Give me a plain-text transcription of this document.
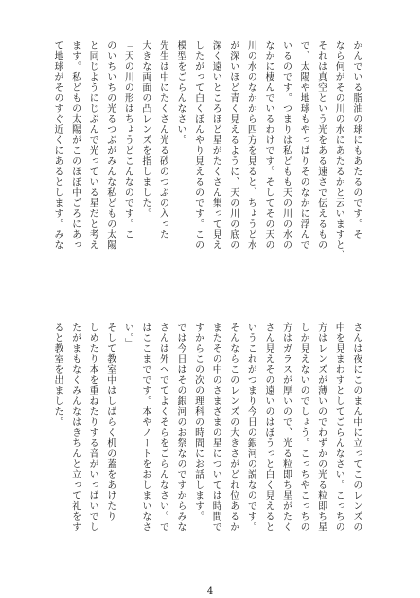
かんでいる脂油の球にもあたるのです。そ
なら何がその川の水にあたるかと云いますと、
それは真空という光をある速さで伝えるもの
で、太陽や地球もやっぱりそのなかに浮んで
いるのです。つまりは私どもも天の川の水の
なかに棲んでいるわけです。そしてその天の
川の水のなかから四方を見ると、ちょうど水
が深いほど青く見えるように、天の川の底の
深く遠いところほど星がたくさん集って見え
したがって白くぼんやり見えるのです。この
模型をごらんなさい。
先生は中にたくさん光る砂のつぶの入った
大きな両面の凸レンズを指しました。
「天の川の形はちょうどこんなのです。こ
のいちいちの光るつぶがみんな私どもの太陽
と同じようにじぶんで光っている星だと考え
ます。私どもの太陽がこのほぼ中ごろにあっ
て地球がそのすぐ近くにあるとします。みな
さんは夜にこのまん中に立ってこのレンズの
中を見まわすとしてごらんなさい。こっちの
方はレンズが薄いのでわずかの光る粒即ち星
しか見えないのでしょう。こっちやこっちの
方はガラスが厚いので、光る粒即ち星がたく
さん見えその遠いのはぼうっと白く見えると
いうこれがつまり今日の銀河の説なのです。
そんならこのレンズの大きさがどれ位あるか
またその中のさまざまの星については時間で
すからこの次の理科の時間にお話します。
では今日はその銀河のお祭なのですからみな
さんは外へでてよくそらをごらんなさい。で
はここまでです。本やノートをおしまいなさ
い。」
そして教室中はしばらく机の蓋をあけたり
しめたり本を重ねたりする音がいっぱいでし
たがまもなくみんなはきちんと立って礼をす
ると教室を出ました。
4
